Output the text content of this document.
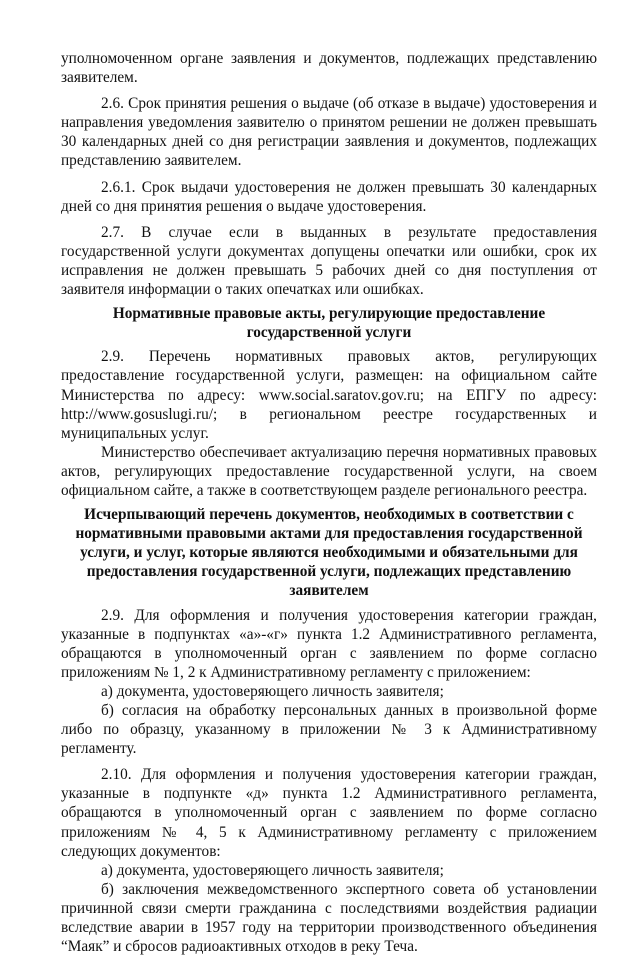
уполномоченном органе заявления и документов, подлежащих представлению заявителем.

2.6. Срок принятия решения о выдаче (об отказе в выдаче) удостоверения и направления уведомления заявителю о принятом решении не должен превышать 30 календарных дней со дня регистрации заявления и документов, подлежащих представлению заявителем.

2.6.1. Срок выдачи удостоверения не должен превышать 30 календарных дней со дня принятия решения о выдаче удостоверения.

2.7. В случае если в выданных в результате предоставления государственной услуги документах допущены опечатки или ошибки, срок их исправления не должен превышать 5 рабочих дней со дня поступления от заявителя информации о таких опечатках или ошибках.

Нормативные правовые акты, регулирующие предоставление государственной услуги

2.9. Перечень нормативных правовых актов, регулирующих предоставление государственной услуги, размещен: на официальном сайте Министерства по адресу: www.social.saratov.gov.ru; на ЕПГУ по адресу: http://www.gosuslugi.ru/; в региональном реестре государственных и муниципальных услуг.

Министерство обеспечивает актуализацию перечня нормативных правовых актов, регулирующих предоставление государственной услуги, на своем официальном сайте, а также в соответствующем разделе регионального реестра.

Исчерпывающий перечень документов, необходимых в соответствии с нормативными правовыми актами для предоставления государственной услуги, и услуг, которые являются необходимыми и обязательными для предоставления государственной услуги, подлежащих представлению заявителем

2.9. Для оформления и получения удостоверения категории граждан, указанные в подпунктах «а»-«г» пункта 1.2 Административного регламента, обращаются в уполномоченный орган с заявлением по форме согласно приложениям № 1, 2 к Административному регламенту с приложением:

а) документа, удостоверяющего личность заявителя;

б) согласия на обработку персональных данных в произвольной форме либо по образцу, указанному в приложении № 3 к Административному регламенту.

2.10. Для оформления и получения удостоверения категории граждан, указанные в подпункте «д» пункта 1.2 Административного регламента, обращаются в уполномоченный орган с заявлением по форме согласно приложениям № 4, 5 к Административному регламенту с приложением следующих документов:

а) документа, удостоверяющего личность заявителя;

б) заключения межведомственного экспертного совета об установлении причинной связи смерти гражданина с последствиями воздействия радиации вследствие аварии в 1957 году на территории производственного объединения “Маяк” и сбросов радиоактивных отходов в реку Теча.
